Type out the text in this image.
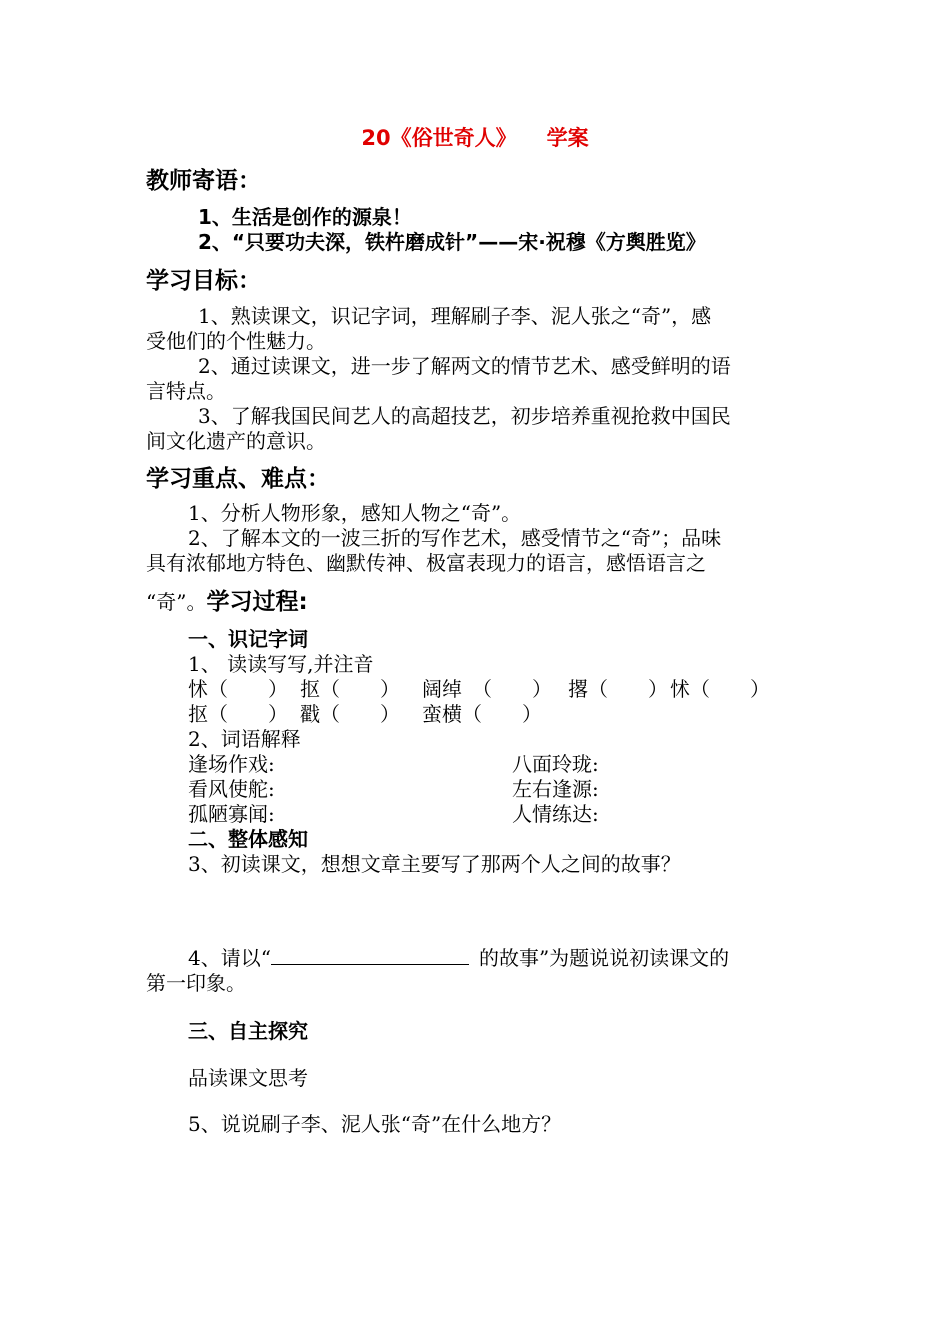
20《俗世奇人》 学案
教师寄语：
1、生活是创作的源泉！
2、“只要功夫深，铁杵磨成针”——宋·祝穆《方舆胜览》
学习目标：
1、熟读课文，识记字词，理解刷子李、泥人张之“奇”，感
受他们的个性魅力。
2、通过读课文，进一步了解两文的情节艺术、感受鲜明的语
言特点。
3、了解我国民间艺人的高超技艺，初步培养重视抢救中国民
间文化遗产的意识。
学习重点、难点：
1、分析人物形象，感知人物之“奇”。
2、了解本文的一波三折的写作艺术，感受情节之“奇”；品味
具有浓郁地方特色、幽默传神、极富表现力的语言，感悟语言之
“奇”。学习过程:
一、识记字词
1、 读读写写,并注音
怵（　　） 抠（　　） 阔绰　（　　） 撂（　　） 怵（　　）
抠（　　） 戳（　　） 蛮横（　　）
2、词语解释
逢场作戏:	八面玲珑:
看风使舵:	左右逢源:
孤陋寡闻:	人情练达:
二、整体感知
3、初读课文，想想文章主要写了那两个人之间的故事？
4、请以“	的故事”为题说说初读课文的
第一印象。
三、自主探究
品读课文思考
5、说说刷子李、泥人张“奇”在什么地方？
